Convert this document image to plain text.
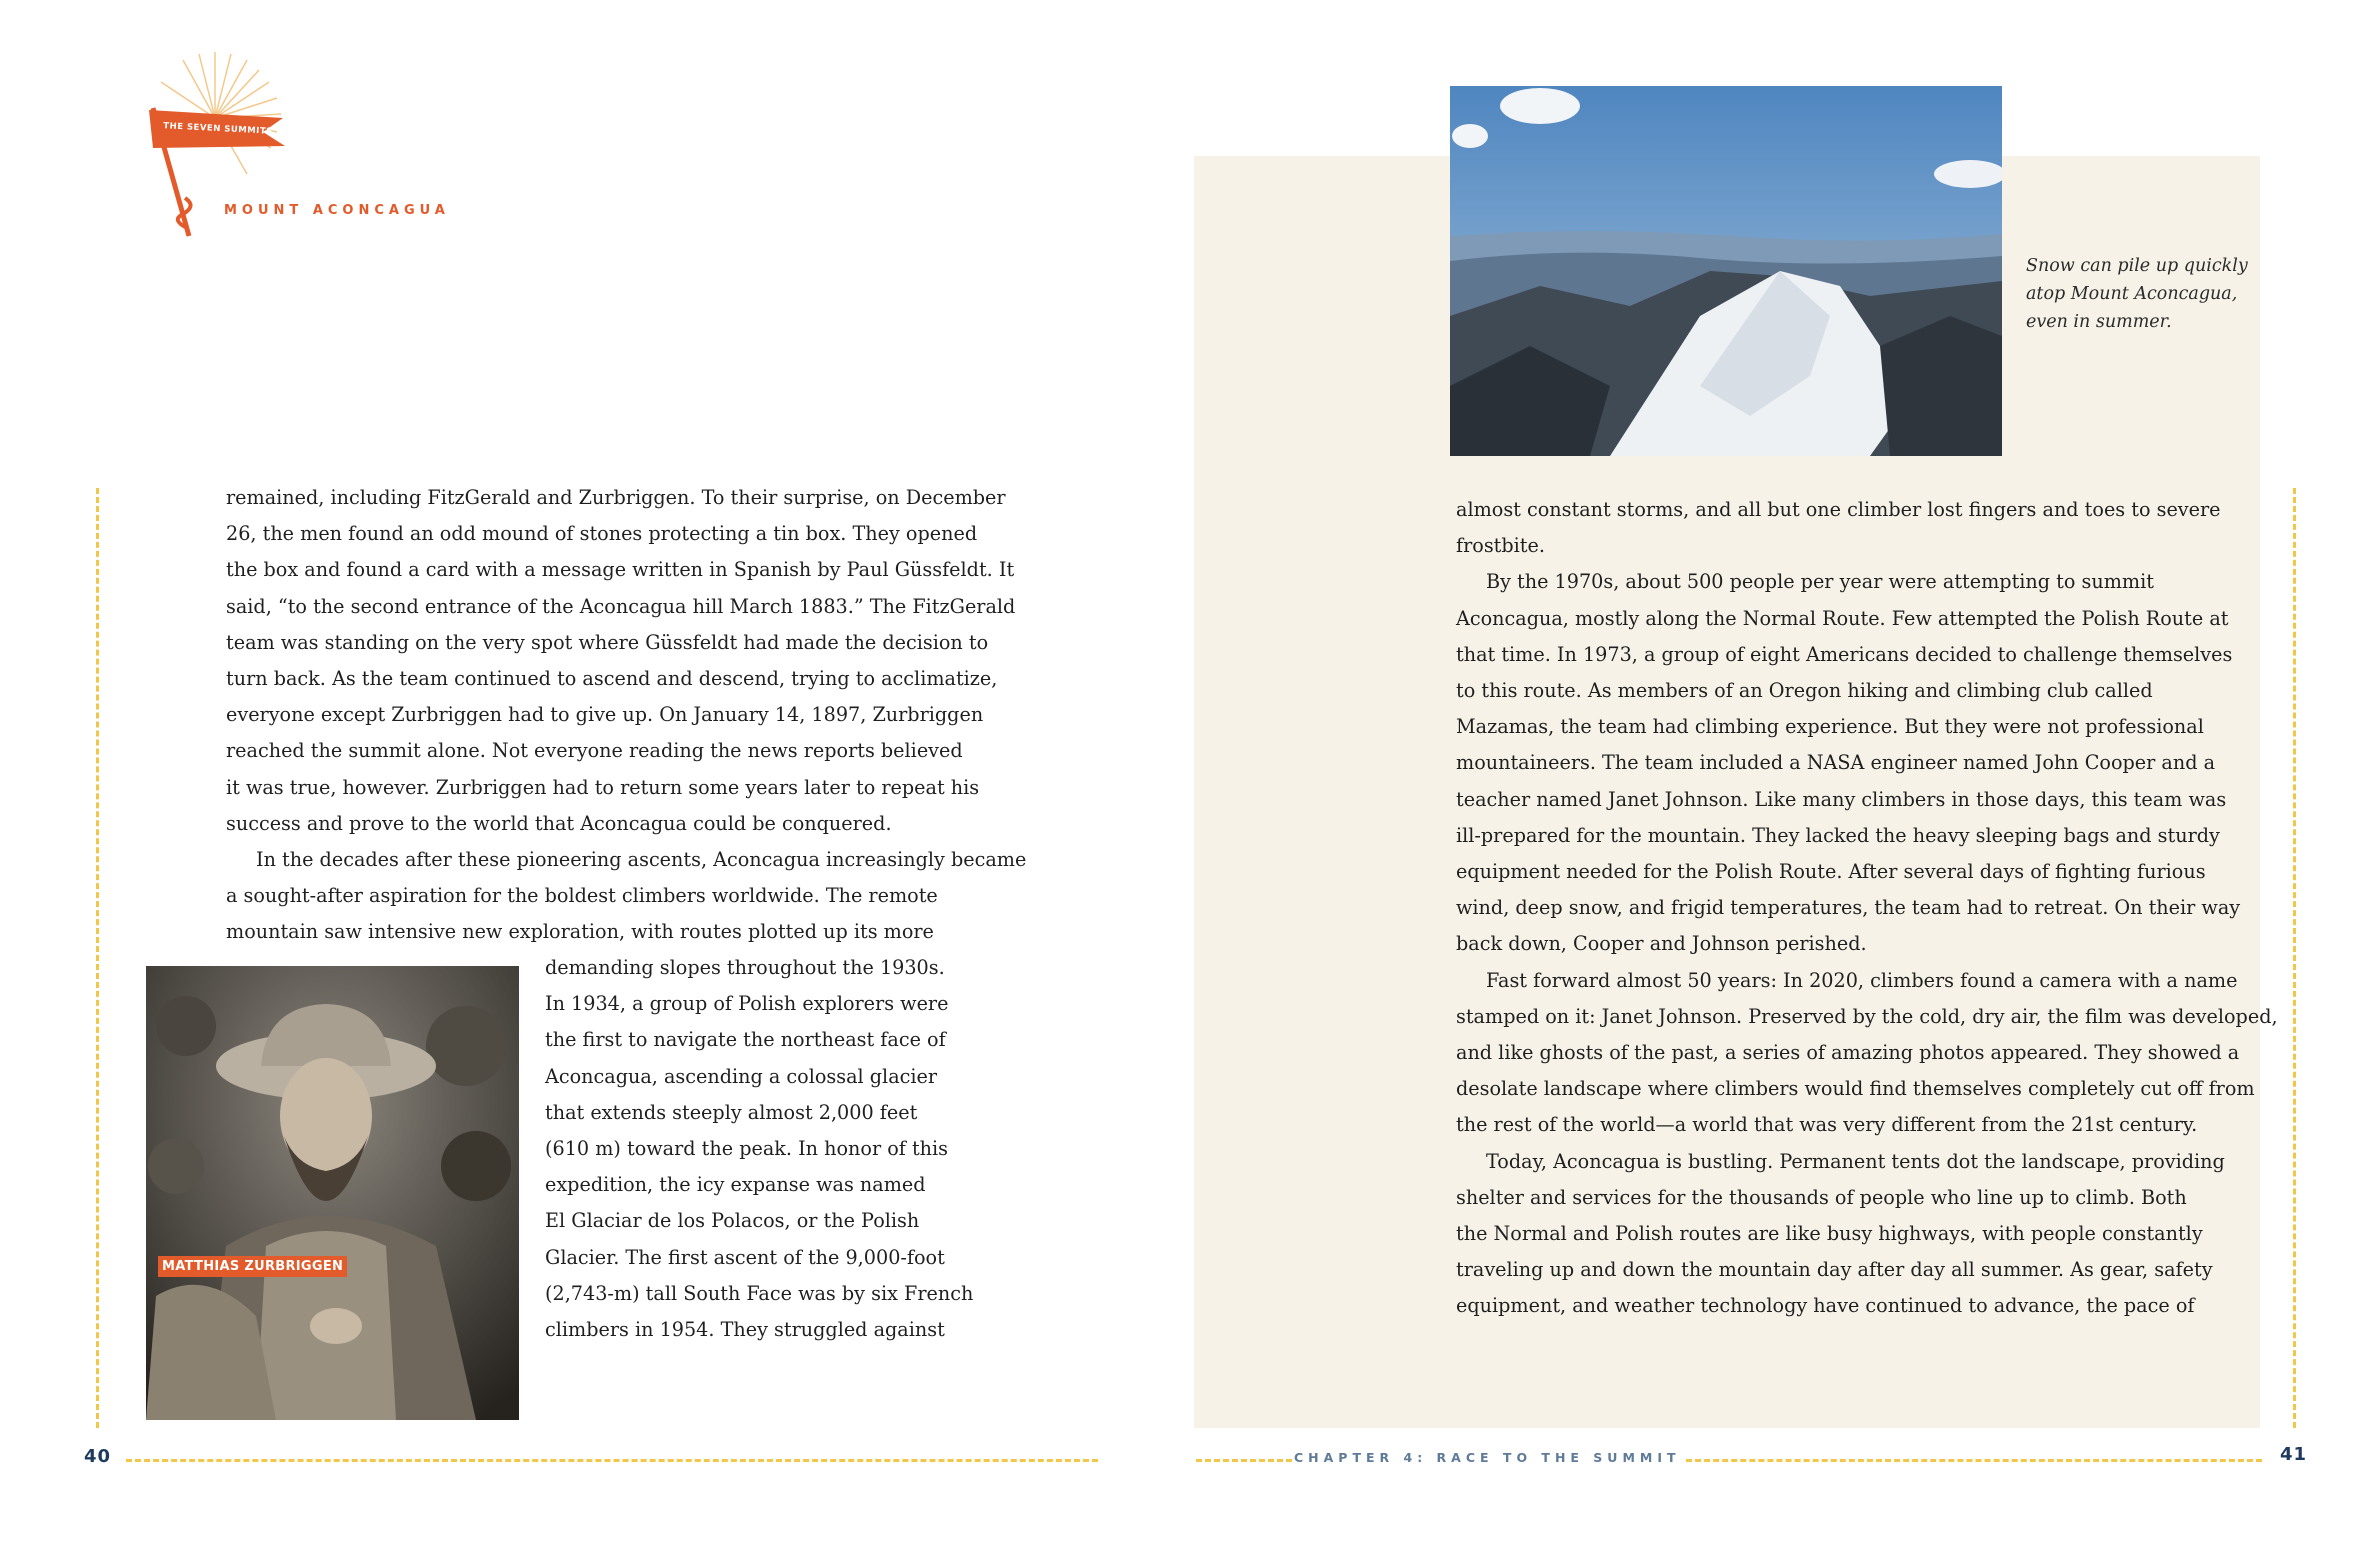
THE SEVEN SUMMITS
MOUNT ACONCAGUA

remained, including FitzGerald and Zurbriggen. To their surprise, on December

26, the men found an odd mound of stones protecting a tin box. They opened

the box and found a card with a message written in Spanish by Paul Güssfeldt. It

said, “to the second entrance of the Aconcagua hill March 1883.” The FitzGerald

team was standing on the very spot where Güssfeldt had made the decision to

turn back. As the team continued to ascend and descend, trying to acclimatize,

everyone except Zurbriggen had to give up. On January 14, 1897, Zurbriggen

reached the summit alone. Not everyone reading the news reports believed

it was true, however. Zurbriggen had to return some years later to repeat his

success and prove to the world that Aconcagua could be conquered.

In the decades after these pioneering ascents, Aconcagua increasingly became

a sought-after aspiration for the boldest climbers worldwide. The remote

mountain saw intensive new exploration, with routes plotted up its more

MATTHIAS ZURBRIGGEN

demanding slopes throughout the 1930s.

In 1934, a group of Polish explorers were

the first to navigate the northeast face of

Aconcagua, ascending a colossal glacier

that extends steeply almost 2,000 feet

(610 m) toward the peak. In honor of this

expedition, the icy expanse was named

El Glaciar de los Polacos, or the Polish

Glacier. The first ascent of the 9,000-foot

(2,743-m) tall South Face was by six French

climbers in 1954. They struggled against

40
Snow can pile up quickly
atop Mount Aconcagua,
even in summer.

almost constant storms, and all but one climber lost fingers and toes to severe

frostbite.

By the 1970s, about 500 people per year were attempting to summit

Aconcagua, mostly along the Normal Route. Few attempted the Polish Route at

that time. In 1973, a group of eight Americans decided to challenge themselves

to this route. As members of an Oregon hiking and climbing club called

Mazamas, the team had climbing experience. But they were not professional

mountaineers. The team included a NASA engineer named John Cooper and a

teacher named Janet Johnson. Like many climbers in those days, this team was

ill-prepared for the mountain. They lacked the heavy sleeping bags and sturdy

equipment needed for the Polish Route. After several days of fighting furious

wind, deep snow, and frigid temperatures, the team had to retreat. On their way

back down, Cooper and Johnson perished.

Fast forward almost 50 years: In 2020, climbers found a camera with a name

stamped on it: Janet Johnson. Preserved by the cold, dry air, the film was developed,

and like ghosts of the past, a series of amazing photos appeared. They showed a

desolate landscape where climbers would find themselves completely cut off from

the rest of the world—a world that was very different from the 21st century.

Today, Aconcagua is bustling. Permanent tents dot the landscape, providing

shelter and services for the thousands of people who line up to climb. Both

the Normal and Polish routes are like busy highways, with people constantly

traveling up and down the mountain day after day all summer. As gear, safety

equipment, and weather technology have continued to advance, the pace of

CHAPTER 4: RACE TO THE SUMMIT	41
